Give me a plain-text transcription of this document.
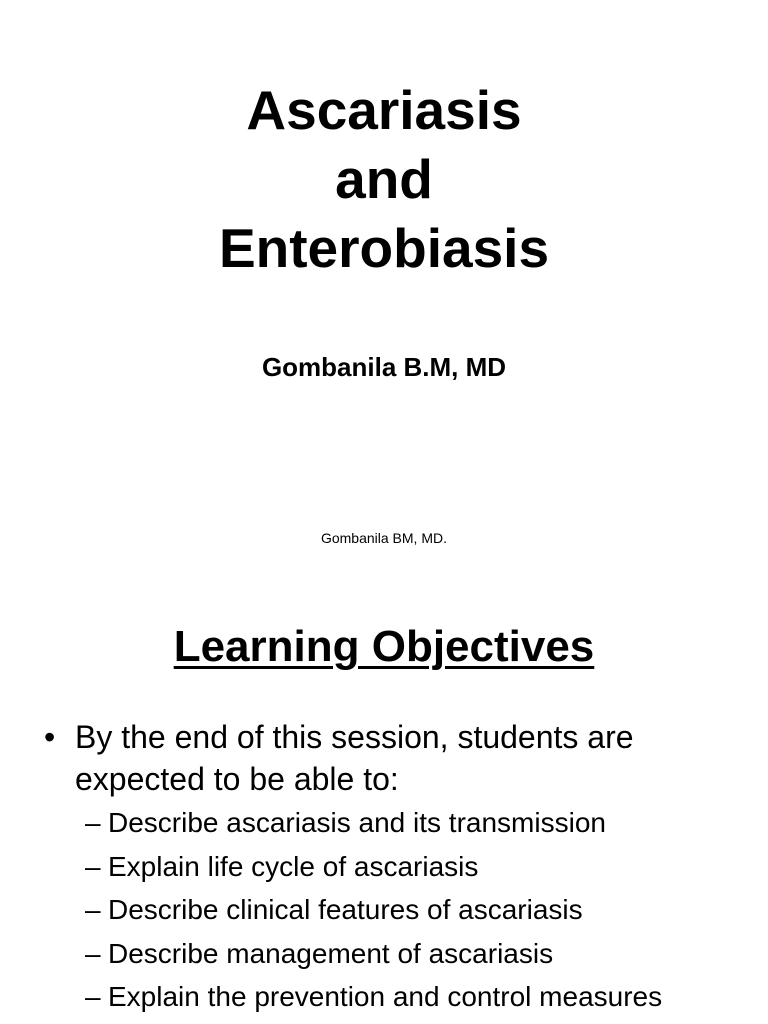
Ascariasis
and
Enterobiasis
Gombanila B.M, MD
Gombanila BM, MD.
Learning Objectives
• By the end of this session, students are expected to be able to:
– Describe ascariasis and its transmission
– Explain life cycle of ascariasis
– Describe clinical features of ascariasis
– Describe management of ascariasis
– Explain the prevention and control measures
